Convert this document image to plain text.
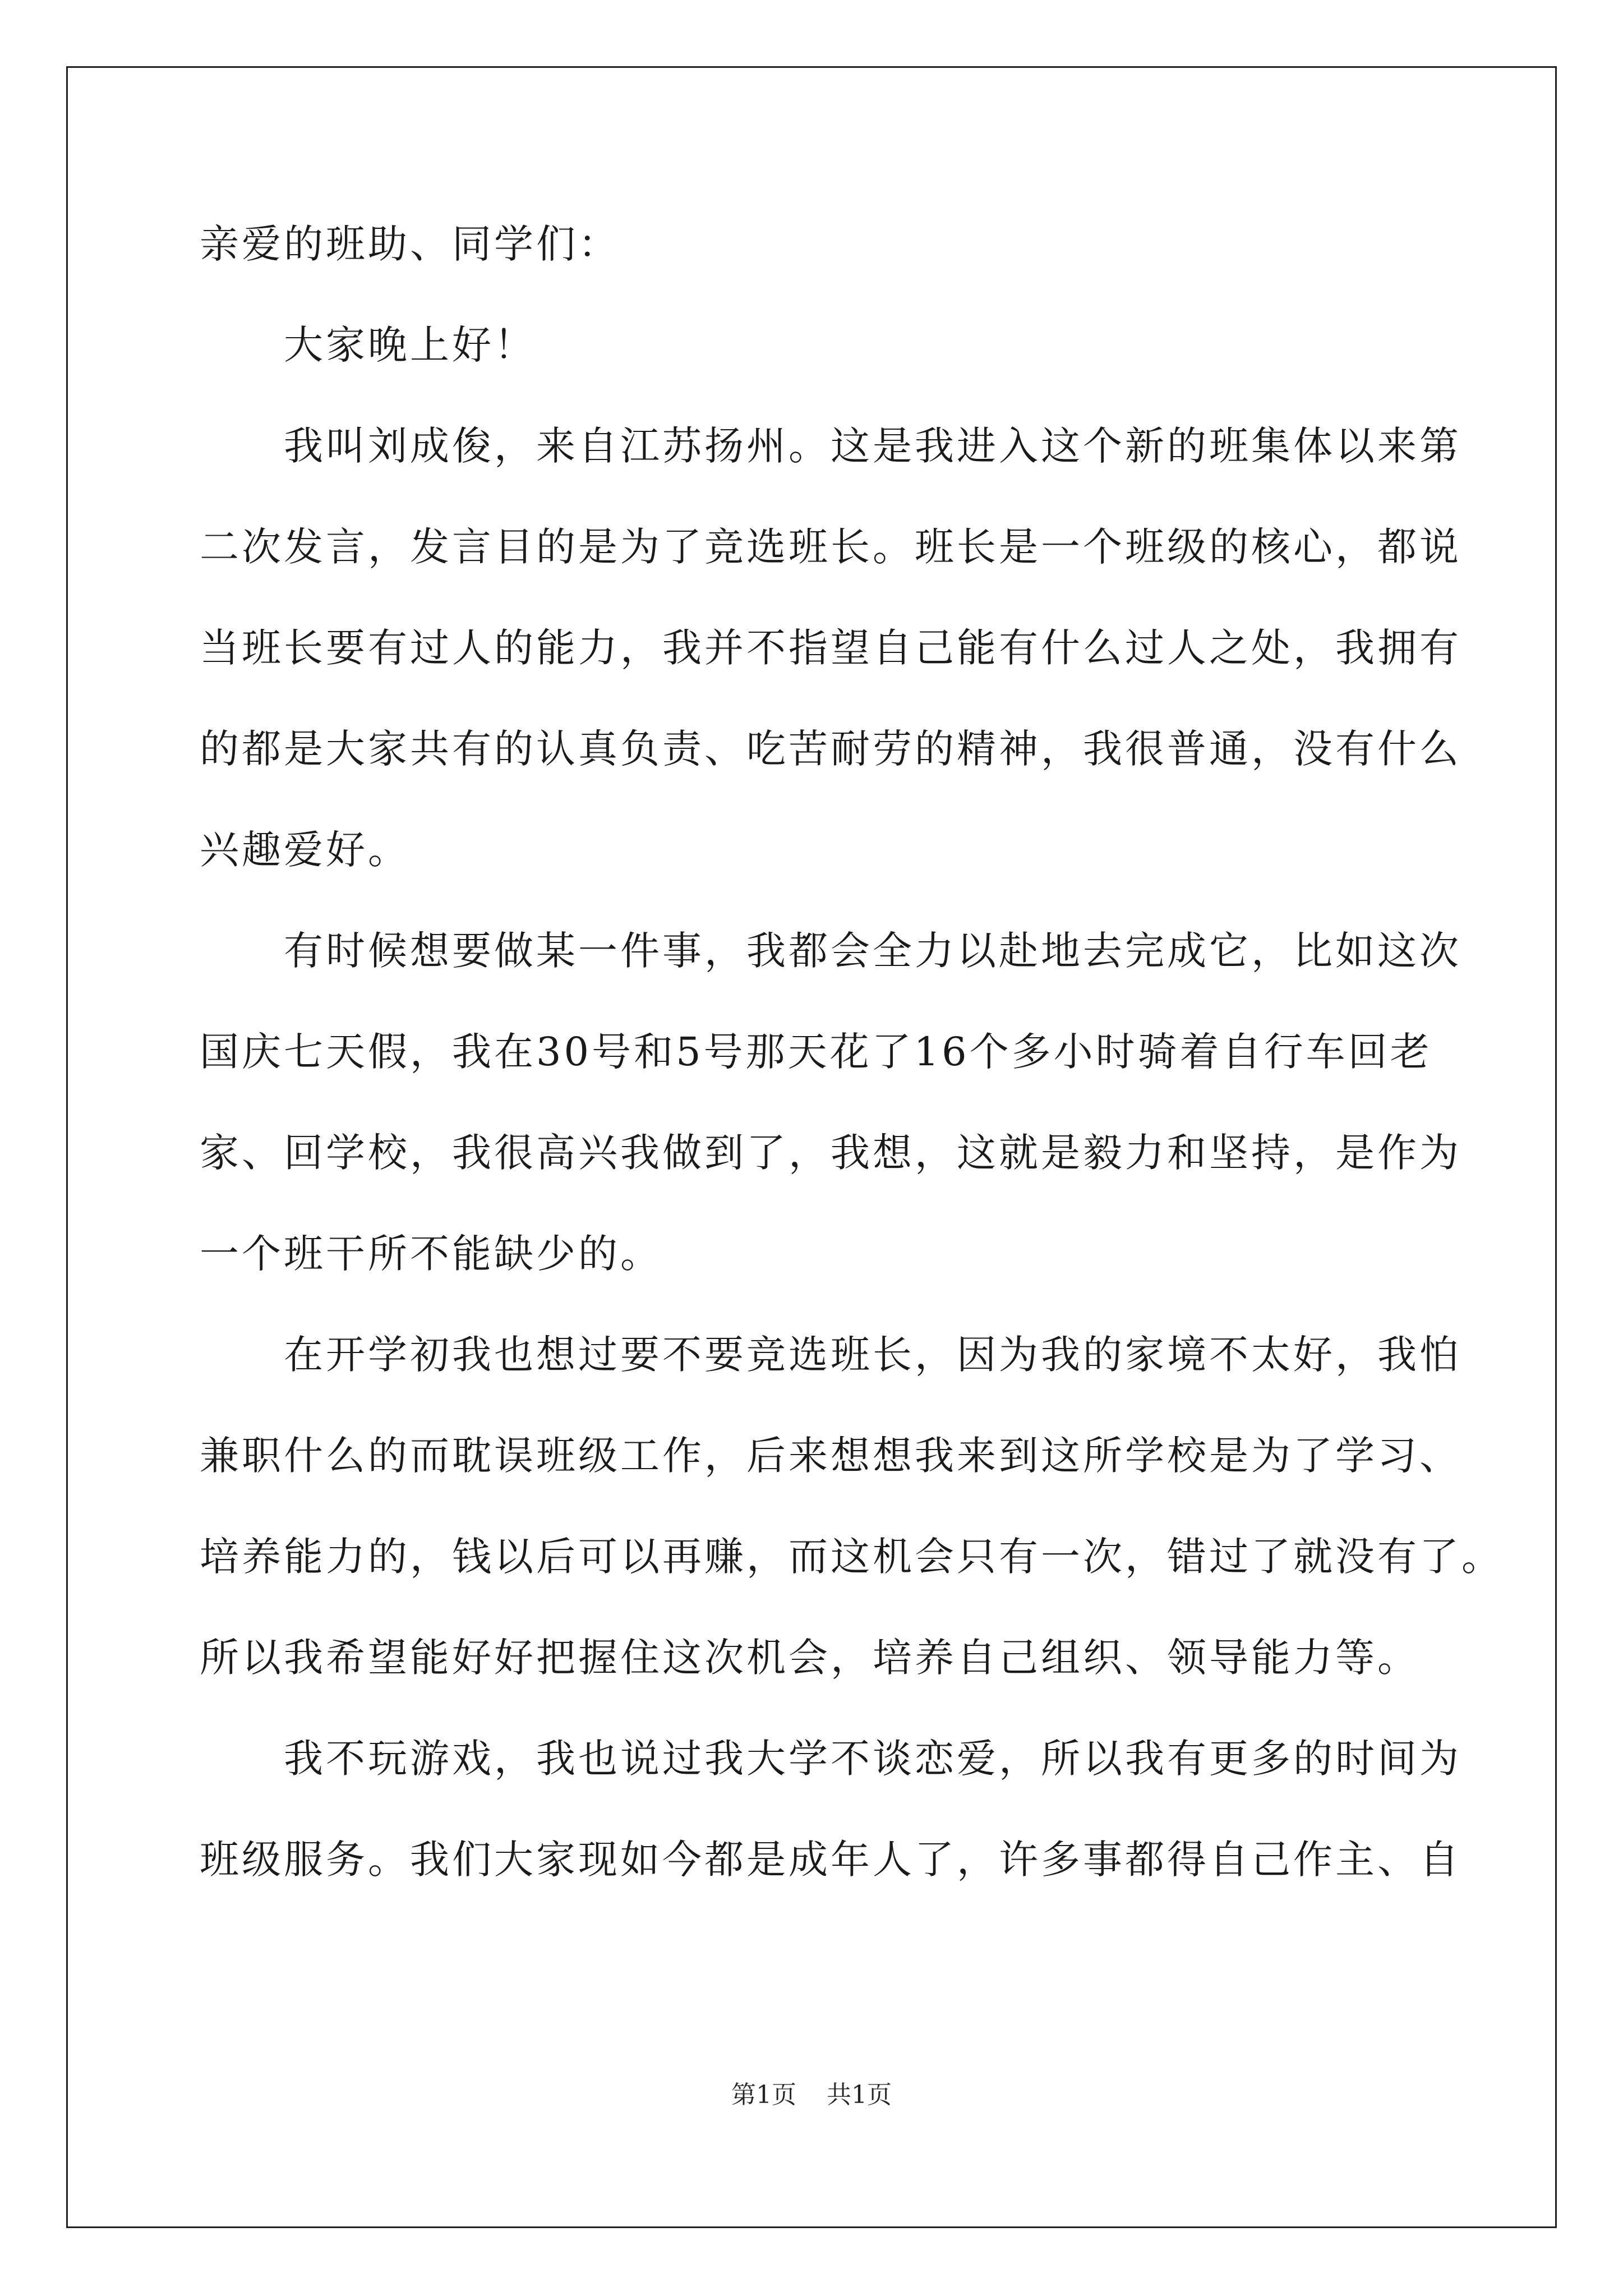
亲爱的班助、同学们：

大家晚上好！

我叫刘成俊，来自江苏扬州。这是我进入这个新的班集体以来第

二次发言，发言目的是为了竞选班长。班长是一个班级的核心，都说

当班长要有过人的能力，我并不指望自己能有什么过人之处，我拥有

的都是大家共有的认真负责、吃苦耐劳的精神，我很普通，没有什么

兴趣爱好。

有时候想要做某一件事，我都会全力以赴地去完成它，比如这次

国庆七天假，我在30号和5号那天花了16个多小时骑着自行车回老

家、回学校，我很高兴我做到了，我想，这就是毅力和坚持，是作为

一个班干所不能缺少的。

在开学初我也想过要不要竞选班长，因为我的家境不太好，我怕

兼职什么的而耽误班级工作，后来想想我来到这所学校是为了学习、

培养能力的，钱以后可以再赚，而这机会只有一次，错过了就没有了。

所以我希望能好好把握住这次机会，培养自己组织、领导能力等。

我不玩游戏，我也说过我大学不谈恋爱，所以我有更多的时间为

班级服务。我们大家现如今都是成年人了，许多事都得自己作主、自

第1页 共1页
